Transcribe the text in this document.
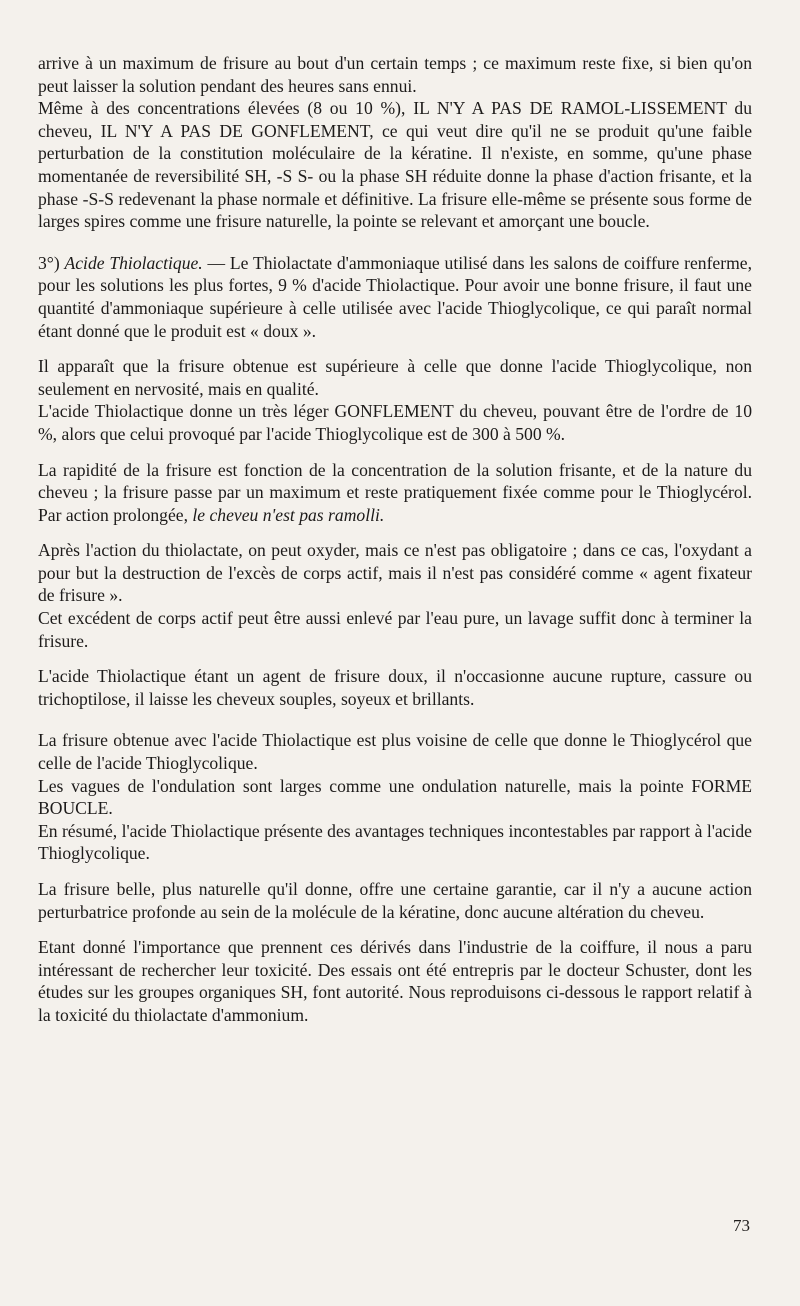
arrive à un maximum de frisure au bout d'un certain temps ; ce maximum reste fixe, si bien qu'on peut laisser la solution pendant des heures sans ennui.

Même à des concentrations élevées (8 ou 10 %), IL N'Y A PAS DE RAMOL-LISSEMENT du cheveu, IL N'Y A PAS DE GONFLEMENT, ce qui veut dire qu'il ne se produit qu'une faible perturbation de la constitution moléculaire de la kératine. Il n'existe, en somme, qu'une phase momentanée de reversibilité SH, -S S- ou la phase SH réduite donne la phase d'action frisante, et la phase -S-S redevenant la phase normale et définitive. La frisure elle-même se présente sous forme de larges spires comme une frisure naturelle, la pointe se relevant et amorçant une boucle.

3°) Acide Thiolactique. — Le Thiolactate d'ammoniaque utilisé dans les salons de coiffure renferme, pour les solutions les plus fortes, 9 % d'acide Thiolactique. Pour avoir une bonne frisure, il faut une quantité d'ammoniaque supérieure à celle utilisée avec l'acide Thioglycolique, ce qui paraît normal étant donné que le produit est « doux ».

Il apparaît que la frisure obtenue est supérieure à celle que donne l'acide Thioglycolique, non seulement en nervosité, mais en qualité.

L'acide Thiolactique donne un très léger GONFLEMENT du cheveu, pouvant être de l'ordre de 10 %, alors que celui provoqué par l'acide Thioglycolique est de 300 à 500 %.

La rapidité de la frisure est fonction de la concentration de la solution frisante, et de la nature du cheveu ; la frisure passe par un maximum et reste pratiquement fixée comme pour le Thioglycérol. Par action prolongée, le cheveu n'est pas ramolli.

Après l'action du thiolactate, on peut oxyder, mais ce n'est pas obligatoire ; dans ce cas, l'oxydant a pour but la destruction de l'excès de corps actif, mais il n'est pas considéré comme « agent fixateur de frisure ».

Cet excédent de corps actif peut être aussi enlevé par l'eau pure, un lavage suffit donc à terminer la frisure.

L'acide Thiolactique étant un agent de frisure doux, il n'occasionne aucune rupture, cassure ou trichoptilose, il laisse les cheveux souples, soyeux et brillants.

La frisure obtenue avec l'acide Thiolactique est plus voisine de celle que donne le Thioglycérol que celle de l'acide Thioglycolique.

Les vagues de l'ondulation sont larges comme une ondulation naturelle, mais la pointe FORME BOUCLE.

En résumé, l'acide Thiolactique présente des avantages techniques incontestables par rapport à l'acide Thioglycolique.

La frisure belle, plus naturelle qu'il donne, offre une certaine garantie, car il n'y a aucune action perturbatrice profonde au sein de la molécule de la kératine, donc aucune altération du cheveu.

Etant donné l'importance que prennent ces dérivés dans l'industrie de la coiffure, il nous a paru intéressant de rechercher leur toxicité. Des essais ont été entrepris par le docteur Schuster, dont les études sur les groupes organiques SH, font autorité. Nous reproduisons ci-dessous le rapport relatif à la toxicité du thiolactate d'ammonium.

73
